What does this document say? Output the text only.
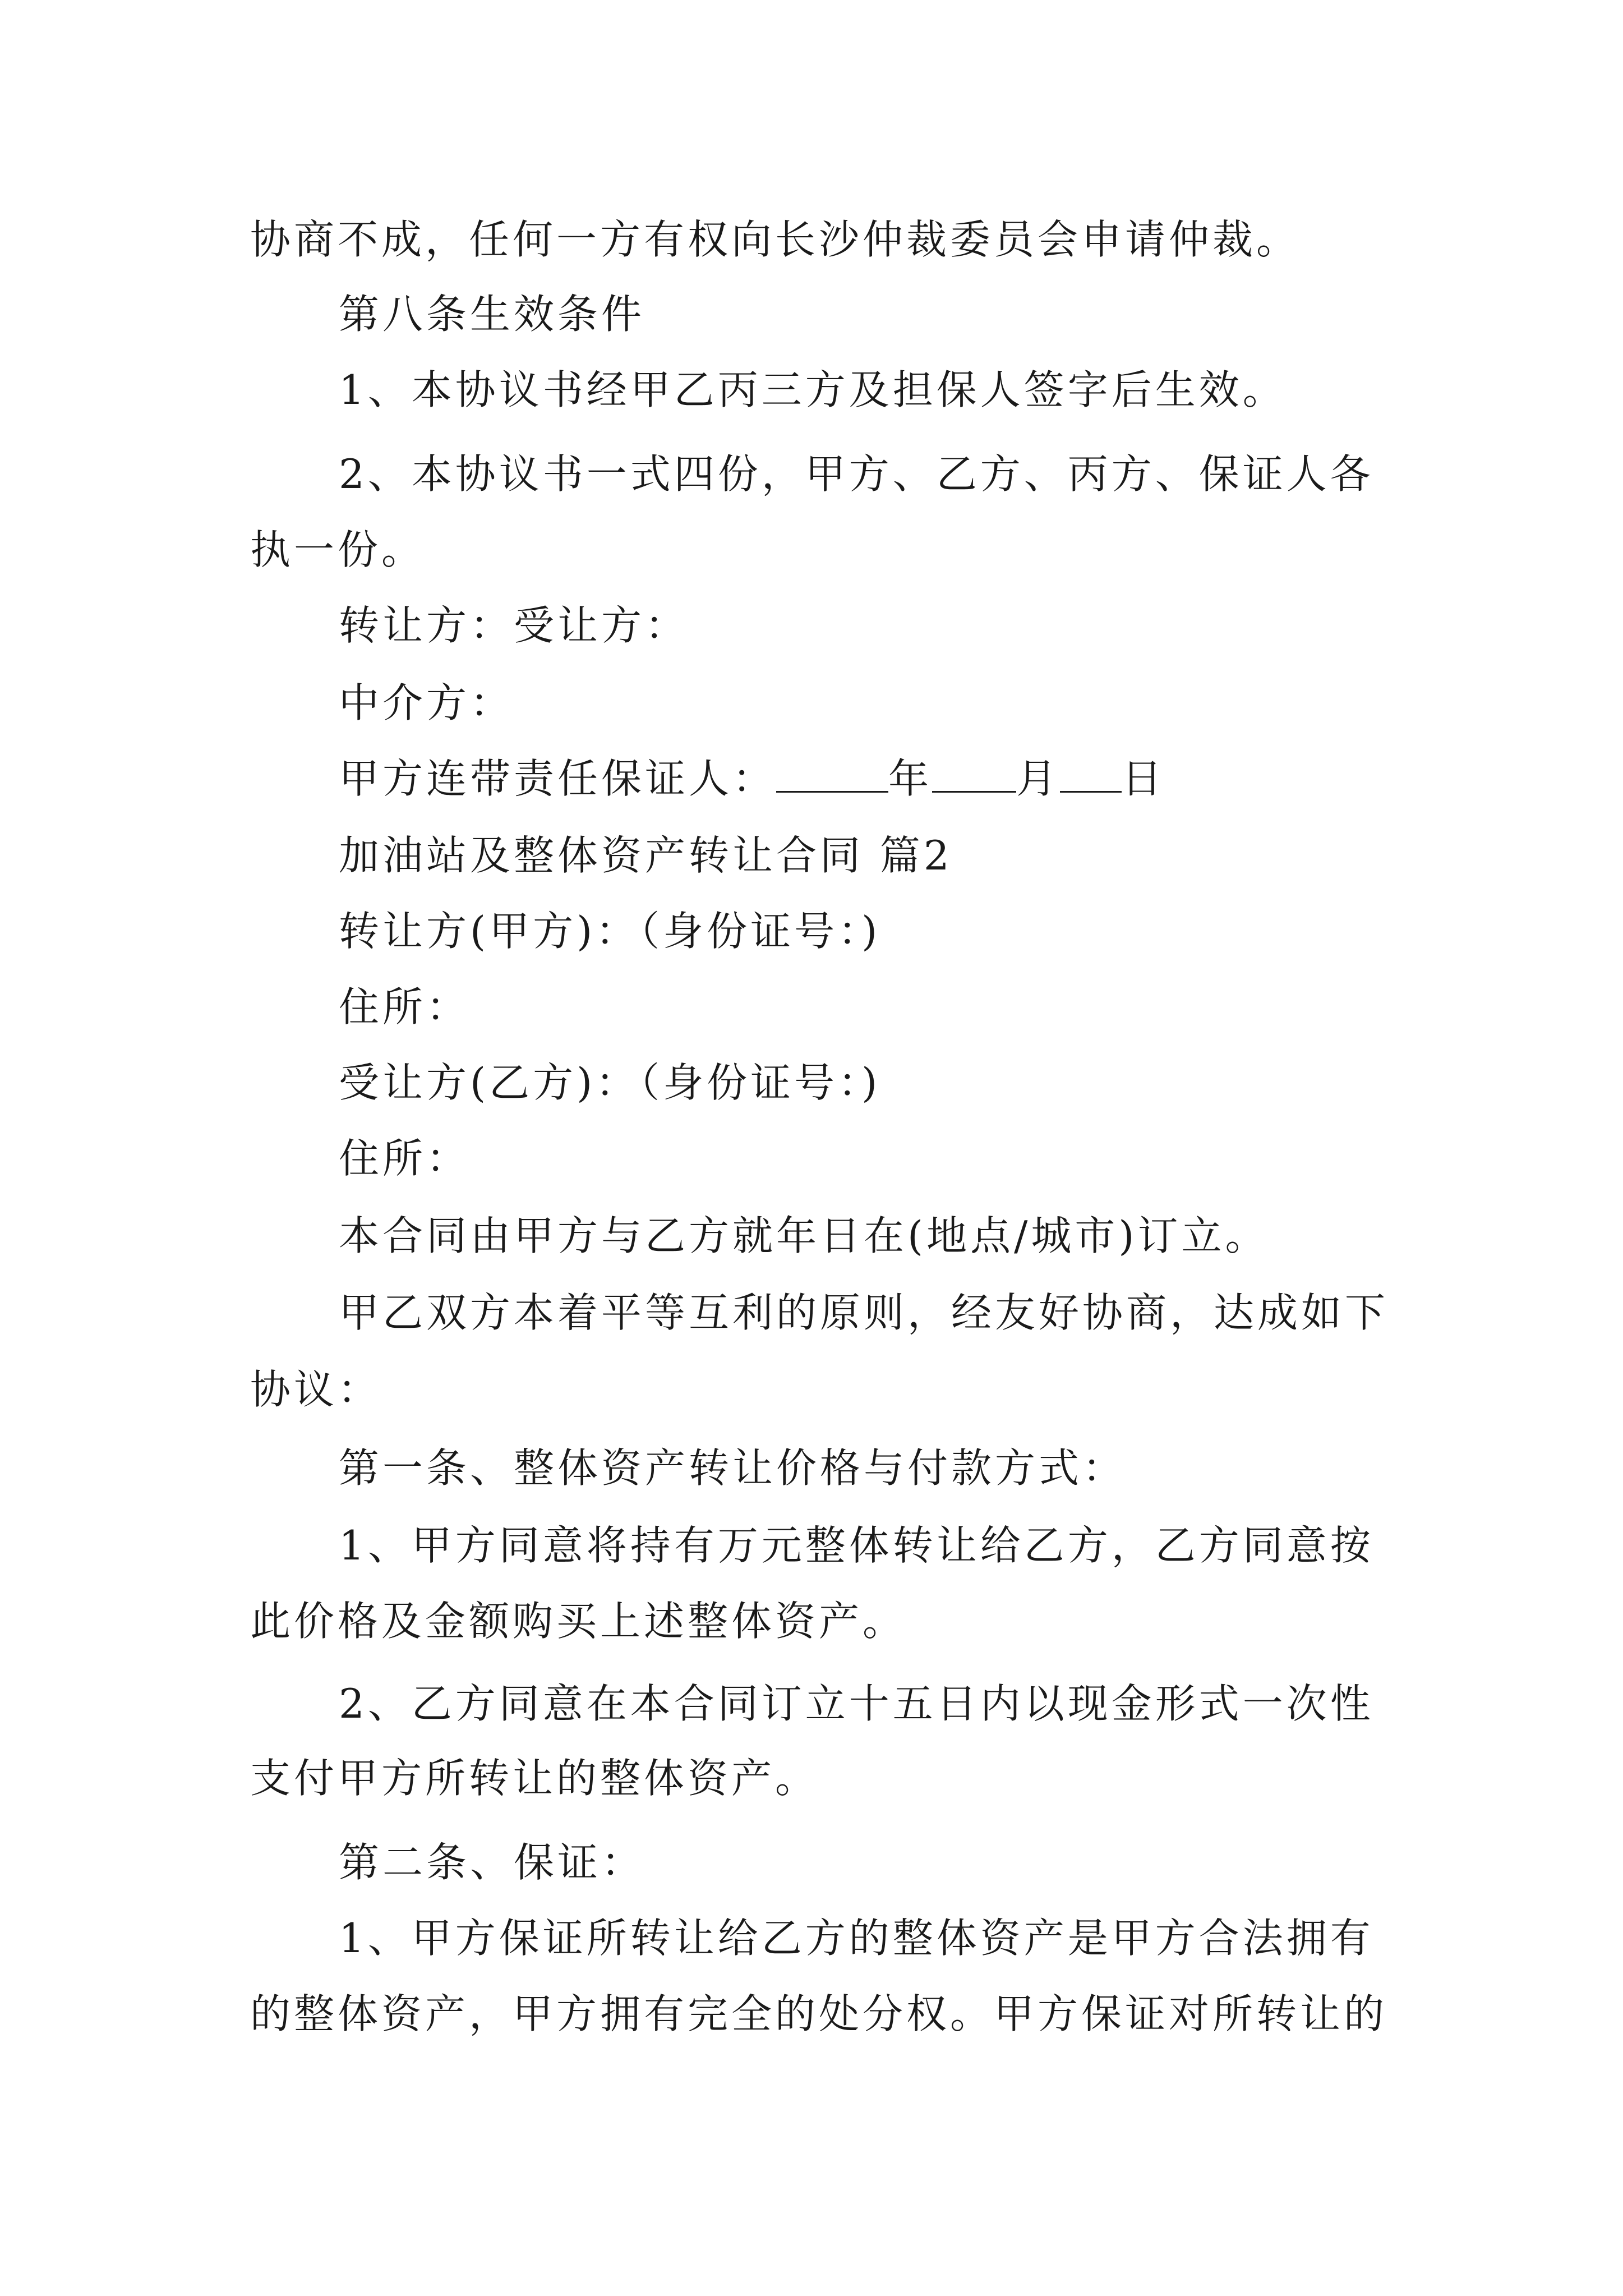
协商不成，任何一方有权向长沙仲裁委员会申请仲裁。
第八条生效条件
1、本协议书经甲乙丙三方及担保人签字后生效。
2、本协议书一式四份，甲方、乙方、丙方、保证人各
执一份。
转让方：受让方：
中介方：
甲方连带责任保证人：	年 月 日
加油站及整体资产转让合同 篇2
转让方(甲方)：（身份证号：)
住所：
受让方(乙方)：（身份证号：)
住所：
本合同由甲方与乙方就年日在(地点/城市)订立。
甲乙双方本着平等互利的原则，经友好协商，达成如下
协议：
第一条、整体资产转让价格与付款方式：
1、甲方同意将持有万元整体转让给乙方，乙方同意按
此价格及金额购买上述整体资产。
2、乙方同意在本合同订立十五日内以现金形式一次性
支付甲方所转让的整体资产。
第二条、保证：
1、甲方保证所转让给乙方的整体资产是甲方合法拥有
的整体资产，甲方拥有完全的处分权。甲方保证对所转让的
